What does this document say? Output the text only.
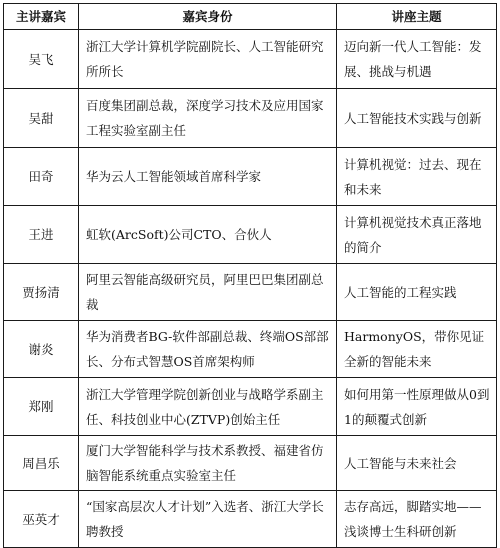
主讲嘉宾	嘉宾身份	讲座主题
吴飞	浙江大学计算机学院副院长、人工智能研究所所长	迈向新一代人工智能：发展、挑战与机遇
吴甜	百度集团副总裁，深度学习技术及应用国家工程实验室副主任	人工智能技术实践与创新
田奇	华为云人工智能领域首席科学家	计算机视觉：过去、现在和未来
王进	虹软(ArcSoft)公司CTO、合伙人	计算机视觉技术真正落地的简介
贾扬清	阿里云智能高级研究员，阿里巴巴集团副总裁	人工智能的工程实践
谢炎	华为消费者BG-软件部副总裁、终端OS部部长、分布式智慧OS首席架构师	HarmonyOS，带你见证全新的智能未来
郑刚	浙江大学管理学院创新创业与战略学系副主任、科技创业中心(ZTVP)创始主任	如何用第一性原理做从0到1的颠覆式创新
周昌乐	厦门大学智能科学与技术系教授、福建省仿脑智能系统重点实验室主任	人工智能与未来社会
巫英才	“国家高层次人才计划”入选者、浙江大学长聘教授	志存高远，脚踏实地——浅谈博士生科研创新
